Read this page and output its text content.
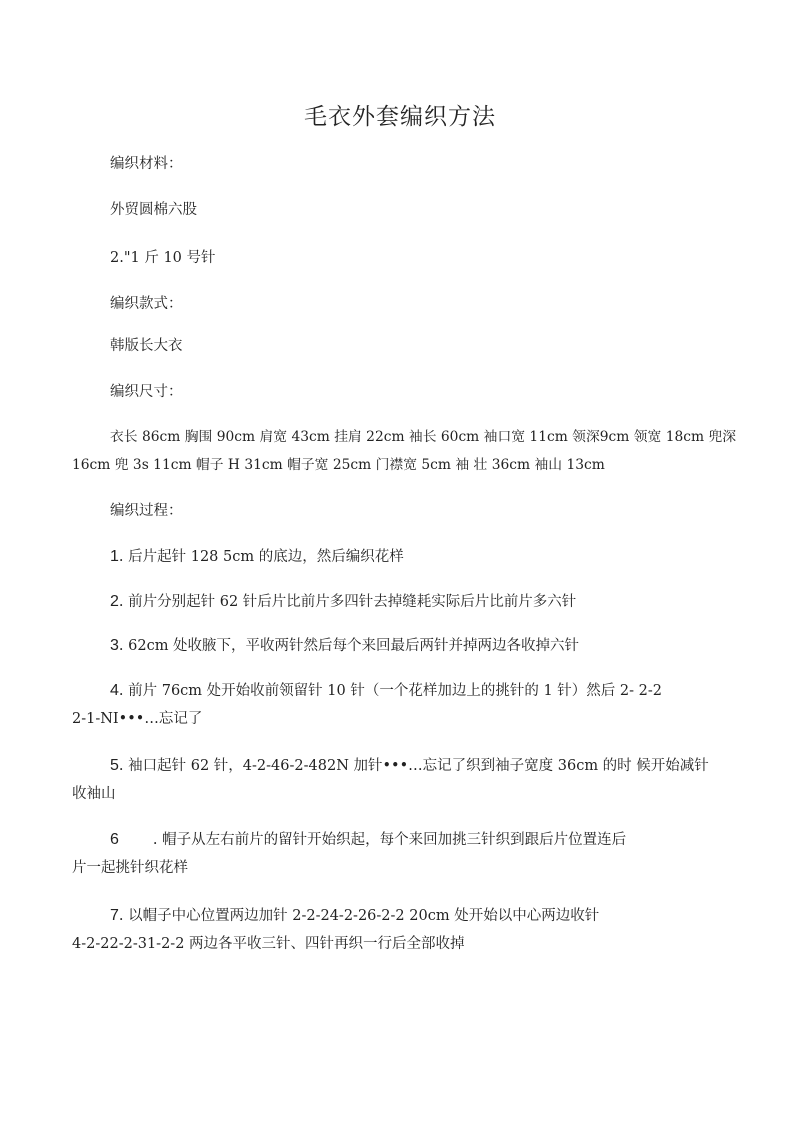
毛衣外套编织方法
编织材料：
外贸圆棉六股
2."1 斤 10 号针
编织款式：
韩版长大衣
编织尺寸：
衣长 86cm 胸围 90cm 肩宽 43cm 挂肩 22cm 袖长 60cm 袖口宽 11cm 领深9cm 领宽 18cm 兜深
16cm 兜 3s 11cm 帽子 H 31cm 帽子宽 25cm 门襟宽 5cm 袖 壮 36cm 袖山 13cm
编织过程：
1. 后片起针 128 5cm 的底边，然后编织花样
2. 前片分别起针 62 针后片比前片多四针去掉缝耗实际后片比前片多六针
3. 62cm 处收腋下，平收两针然后每个来回最后两针并掉两边各收掉六针
4. 前片 76cm 处开始收前领留针 10 针（一个花样加边上的挑针的 1 针）然后 2- 2-2
2-1-NI•••…忘记了
5. 袖口起针 62 针，4-2-46-2-482N 加针•••…忘记了织到袖子宽度 36cm 的时 候开始减针
收袖山
6 . 帽子从左右前片的留针开始织起，每个来回加挑三针织到跟后片位置连后
片一起挑针织花样
7. 以帽子中心位置两边加针 2-2-24-2-26-2-2 20cm 处开始以中心两边收针
4-2-22-2-31-2-2 两边各平收三针、四针再织一行后全部收掉
